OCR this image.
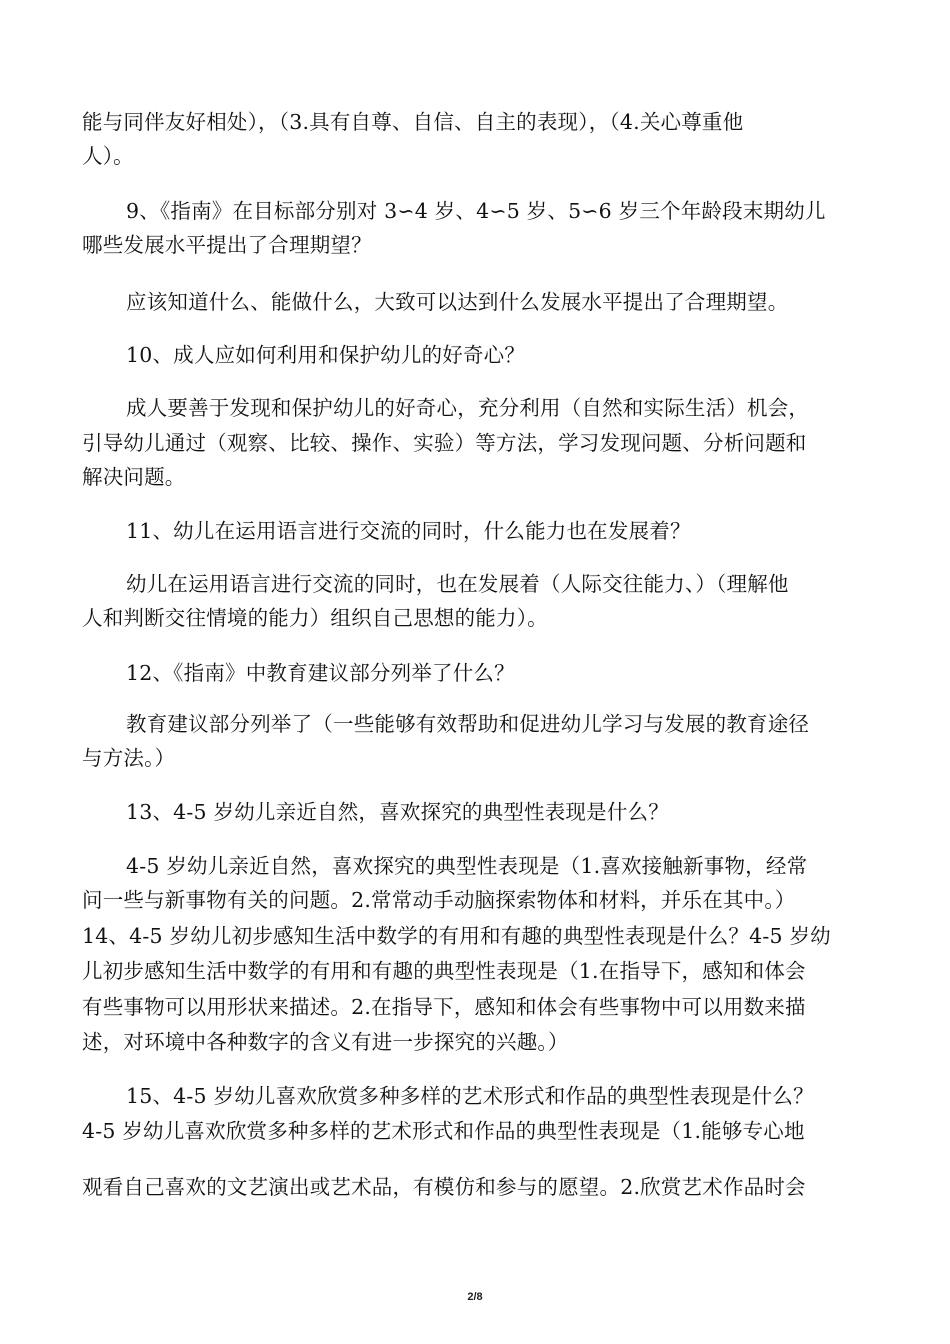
能与同伴友好相处），（3.具有自尊、自信、自主的表现），（4.关心尊重他
人）。
9、《指南》在目标部分别对 3∽4 岁、4∽5 岁、5∽6 岁三个年龄段末期幼儿
哪些发展水平提出了合理期望？
应该知道什么、能做什么，大致可以达到什么发展水平提出了合理期望。
10、成人应如何利用和保护幼儿的好奇心？
成人要善于发现和保护幼儿的好奇心，充分利用（自然和实际生活）机会，
引导幼儿通过（观察、比较、操作、实验）等方法，学习发现问题、分析问题和
解决问题。
11、幼儿在运用语言进行交流的同时，什么能力也在发展着？
幼儿在运用语言进行交流的同时，也在发展着（人际交往能力、）（理解他
人和判断交往情境的能力）组织自己思想的能力）。
12、《指南》中教育建议部分列举了什么？
教育建议部分列举了（一些能够有效帮助和促进幼儿学习与发展的教育途径
与方法。）
13、4-5 岁幼儿亲近自然，喜欢探究的典型性表现是什么？
4-5 岁幼儿亲近自然，喜欢探究的典型性表现是（1.喜欢接触新事物，经常
问一些与新事物有关的问题。2.常常动手动脑探索物体和材料，并乐在其中。）
14、4-5 岁幼儿初步感知生活中数学的有用和有趣的典型性表现是什么？4-5 岁幼
儿初步感知生活中数学的有用和有趣的典型性表现是（1.在指导下，感知和体会
有些事物可以用形状来描述。2.在指导下，感知和体会有些事物中可以用数来描
述，对环境中各种数字的含义有进一步探究的兴趣。）
15、4-5 岁幼儿喜欢欣赏多种多样的艺术形式和作品的典型性表现是什么？
4-5 岁幼儿喜欢欣赏多种多样的艺术形式和作品的典型性表现是（1.能够专心地
观看自己喜欢的文艺演出或艺术品，有模仿和参与的愿望。2.欣赏艺术作品时会
2/8
